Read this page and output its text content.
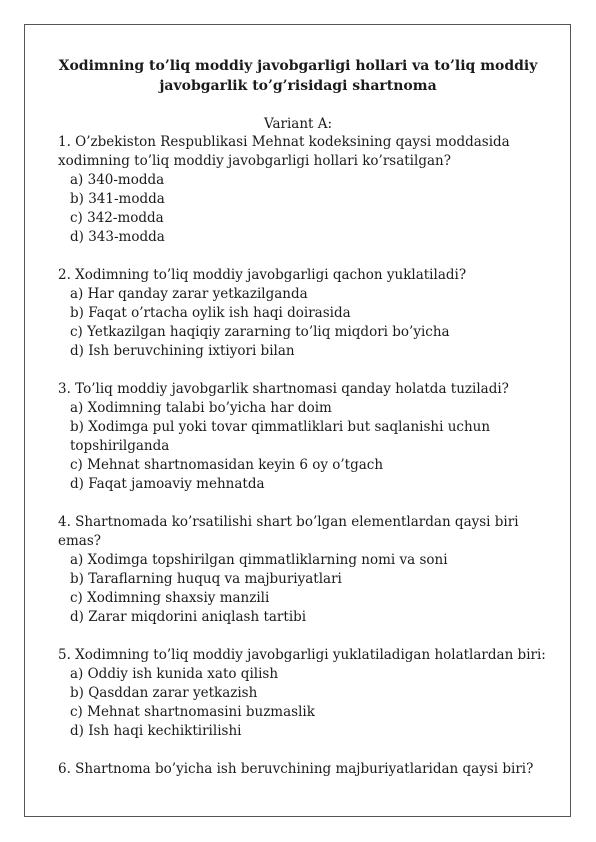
Xodimning to’liq moddiy javobgarligi hollari va to’liq moddiy javobgarlik to’g’risidagi shartnoma
Variant A:

1. O’zbekiston Respublikasi Mehnat kodeksining qaysi moddasida xodimning to’liq moddiy javobgarligi hollari ko’rsatilgan?

a) 340-modda

b) 341-modda

c) 342-modda

d) 343-modda

2. Xodimning to’liq moddiy javobgarligi qachon yuklatiladi?

a) Har qanday zarar yetkazilganda

b) Faqat o’rtacha oylik ish haqi doirasida

c) Yetkazilgan haqiqiy zararning to’liq miqdori bo’yicha

d) Ish beruvchining ixtiyori bilan

3. To’liq moddiy javobgarlik shartnomasi qanday holatda tuziladi?

a) Xodimning talabi bo’yicha har doim

b) Xodimga pul yoki tovar qimmatliklari but saqlanishi uchun topshirilganda

c) Mehnat shartnomasidan keyin 6 oy o’tgach

d) Faqat jamoaviy mehnatda

4. Shartnomada ko’rsatilishi shart bo’lgan elementlardan qaysi biri emas?

a) Xodimga topshirilgan qimmatliklarning nomi va soni

b) Taraflarning huquq va majburiyatlari

c) Xodimning shaxsiy manzili

d) Zarar miqdorini aniqlash tartibi

5. Xodimning to’liq moddiy javobgarligi yuklatiladigan holatlardan biri:

a) Oddiy ish kunida xato qilish

b) Qasddan zarar yetkazish

c) Mehnat shartnomasini buzmaslik

d) Ish haqi kechiktirilishi

6. Shartnoma bo’yicha ish beruvchining majburiyatlaridan qaysi biri?
